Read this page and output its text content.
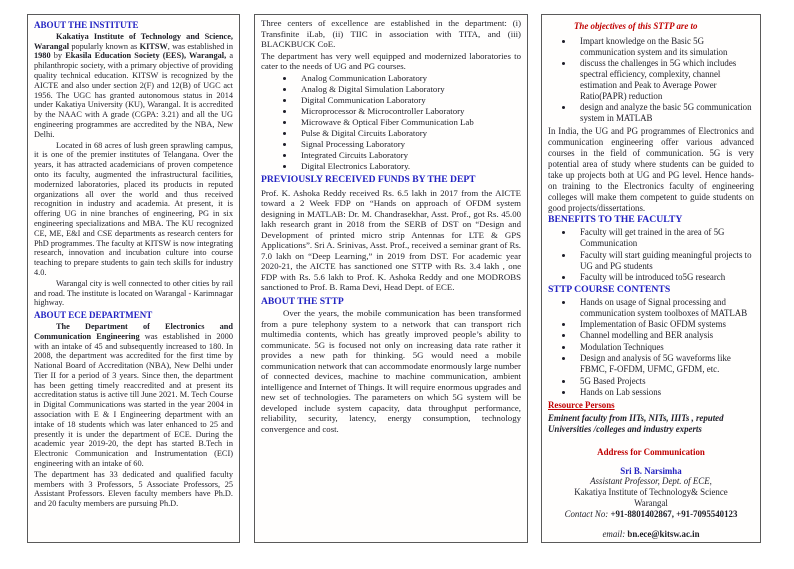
ABOUT THE INSTITUTE

Kakatiya Institute of Technology and Science, Warangal popularly known as KITSW, was established in 1980 by Ekasila Education Society (EES), Warangal, a philanthropic society, with a primary objective of providing quality technical education. KITSW is recognized by the AICTE and also under section 2(F) and 12(B) of UGC act 1956. The UGC has granted autonomous status in 2014 under Kakatiya University (KU), Warangal. It is accredited by the NAAC with A grade (CGPA: 3.21) and all the UG engineering programmes are accredited by the NBA, New Delhi.

Located in 68 acres of lush green sprawling campus, it is one of the premier institutes of Telangana. Over the years, it has attracted academicians of proven competence onto its faculty, augmented the infrastructural facilities, modernized laboratories, placed its products in reputed organizations all over the world and thus received recognition in industry and academia. At present, it is offering UG in nine branches of engineering, PG in six engineering specializations and MBA. The KU recognized CE, ME, E&I and CSE departments as research centers for PhD programmes. The faculty at KITSW is now integrating research, innovation and incubation culture into course teaching to prepare students to gain tech skills for industry 4.0.

Warangal city is well connected to other cities by rail and road. The institute is located on Warangal - Karimnagar highway.

ABOUT ECE DEPARTMENT

The Department of Electronics and Communication Engineering was established in 2000 with an intake of 45 and subsequently increased to 180. In 2008, the department was accredited for the first time by National Board of Accreditation (NBA), New Delhi under Tier II for a period of 3 years. Since then, the department has been getting timely reaccredited and at present its accreditation status is active till June 2021. M. Tech Course in Digital Communications was started in the year 2004 in association with E & I Engineering department with an intake of 18 students which was later enhanced to 25 and presently it is under the department of ECE. During the academic year 2019-20, the dept has started B.Tech in Electronic Communication and Instrumentation (ECI) engineering with an intake of 60.

The department has 33 dedicated and qualified faculty members with 3 Professors, 5 Associate Professors, 25 Assistant Professors. Eleven faculty members have Ph.D. and 20 faculty members are pursuing Ph.D.

Three centers of excellence are established in the department: (i) Transfinite iLab, (ii) TIIC in association with TITA, and (iii) BLACKBUCK CoE.

The department has very well equipped and modernized laboratories to cater to the needs of UG and PG courses.

• Analog Communication Laboratory
• Analog & Digital Simulation Laboratory
• Digital Communication Laboratory
• Microprocessor & Microcontroller Laboratory
• Microwave & Optical Fiber Communication Lab
• Pulse & Digital Circuits Laboratory
• Signal Processing Laboratory
• Integrated Circuits Laboratory
• Digital Electronics Laboratory.

PREVIOUSLY RECEIVED FUNDS BY THE DEPT

Prof. K. Ashoka Reddy received Rs. 6.5 lakh in 2017 from the AICTE toward a 2 Week FDP on “Hands on approach of OFDM system designing in MATLAB: Dr. M. Chandrasekhar, Asst. Prof., got Rs. 45.00 lakh research grant in 2018 from the SERB of DST on “Design and Development of printed micro strip Antennas for LTE & GPS Applications”. Sri A. Srinivas, Asst. Prof., received a seminar grant of Rs. 7.0 lakh on “Deep Learning,” in 2019 from DST. For academic year 2020-21, the AICTE has sanctioned one STTP with Rs. 3.4 lakh , one FDP with Rs. 5.6 lakh to Prof. K. Ashoka Reddy and one MODROBS sanctioned to Prof. B. Rama Devi, Head Dept. of ECE.

ABOUT THE STTP

Over the years, the mobile communication has been transformed from a pure telephony system to a network that can transport rich multimedia contents, which has greatly improved people’s ability to communicate. 5G is focused not only on increasing data rate rather it provides a new path for thinking. 5G would need a mobile communication network that can accommodate enormously large number of connected devices, machine to machine communication, ambient intelligence and Internet of Things. It will require enormous upgrades and new set of technologies. The parameters on which 5G system will be developed include system capacity, data throughput performance, reliability, security, latency, energy consumption, technology convergence and cost.

The objectives of this STTP are to

• Impart knowledge on the Basic 5G communication system and its simulation
• discuss the challenges in 5G which includes spectral efficiency, complexity, channel estimation and Peak to Average Power Ratio(PAPR) reduction
• design and analyze the basic 5G communication system in MATLAB

In India, the UG and PG programmes of Electronics and communication engineering offer various advanced courses in the field of communication. 5G is very potential area of study where students can be guided to take up projects both at UG and PG level. Hence hands-on training to the Electronics faculty of engineering colleges will make them competent to guide students on good projects/dissertations.

BENEFITS TO THE FACULTY

• Faculty will get trained in the area of 5G Communication
• Faculty will start guiding meaningful projects to UG and PG students
• Faculty will be introduced to5G research

STTP COURSE CONTENTS

• Hands on usage of Signal processing and communication system toolboxes of MATLAB
• Implementation of Basic OFDM systems
• Channel modelling and BER analysis
• Modulation Techniques
• Design and analysis of 5G waveforms like FBMC, F-OFDM, UFMC, GFDM, etc.
• 5G Based Projects
• Hands on Lab sessions

Resource Persons

Eminent faculty from IITs, NITs, IIITs , reputed Universities /colleges and industry experts

Address for Communication

Sri B. Narsimha
Assistant Professor, Dept. of ECE,
Kakatiya Institute of Technology& Science
Warangal
Contact No: +91-8801402867, +91-7095540123

email: bn.ece@kitsw.ac.in
